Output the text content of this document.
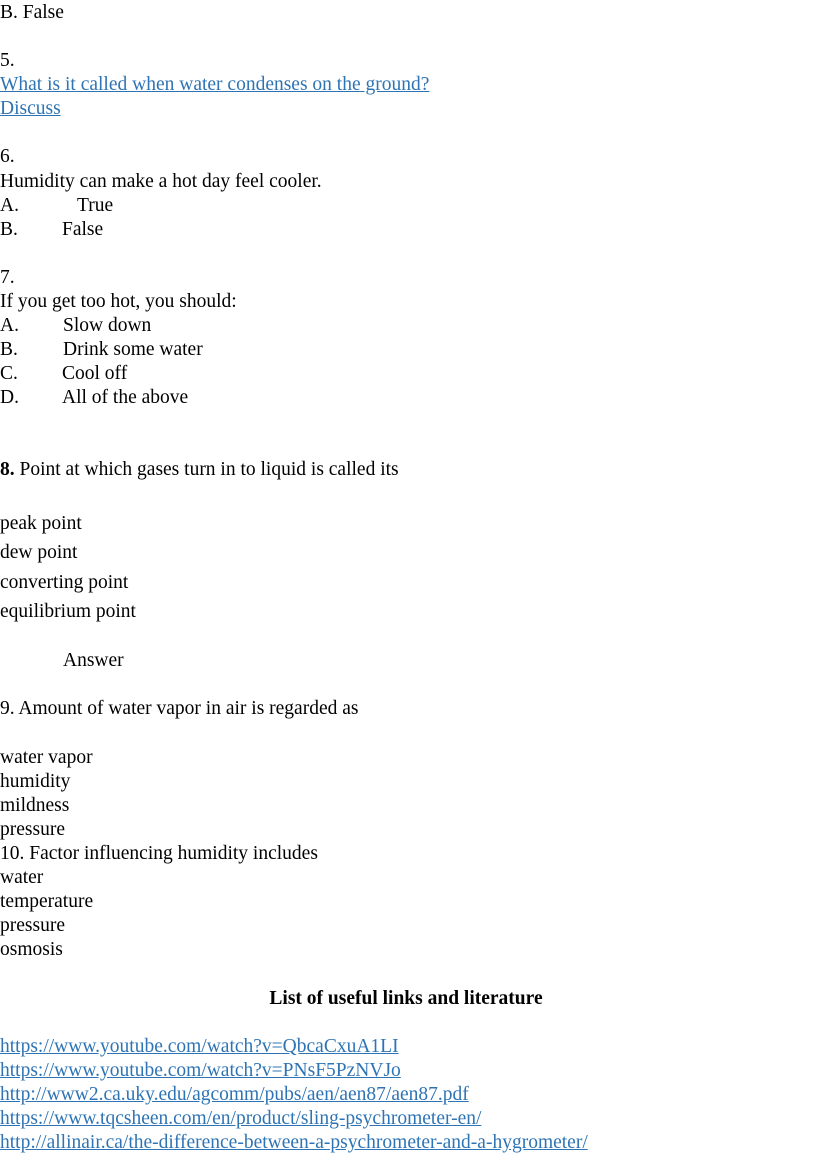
B. False
5.
What is it called when water condenses on the ground?
Discuss
6.
Humidity can make a hot day feel cooler.
A.	True
B. False
7.
If you get too hot, you should:
A. Slow down
B. Drink some water
C. Cool off
D. All of the above
8. Point at which gases turn in to liquid is called its
peak point
dew point
converting point
equilibrium point
Answer
9. Amount of water vapor in air is regarded as
water vapor
humidity
mildness
pressure
10. Factor influencing humidity includes
water
temperature
pressure
osmosis
List of useful links and literature
https://www.youtube.com/watch?v=QbcaCxuA1LI
https://www.youtube.com/watch?v=PNsF5PzNVJo
http://www2.ca.uky.edu/agcomm/pubs/aen/aen87/aen87.pdf
https://www.tqcsheen.com/en/product/sling-psychrometer-en/
http://allinair.ca/the-difference-between-a-psychrometer-and-a-hygrometer/
